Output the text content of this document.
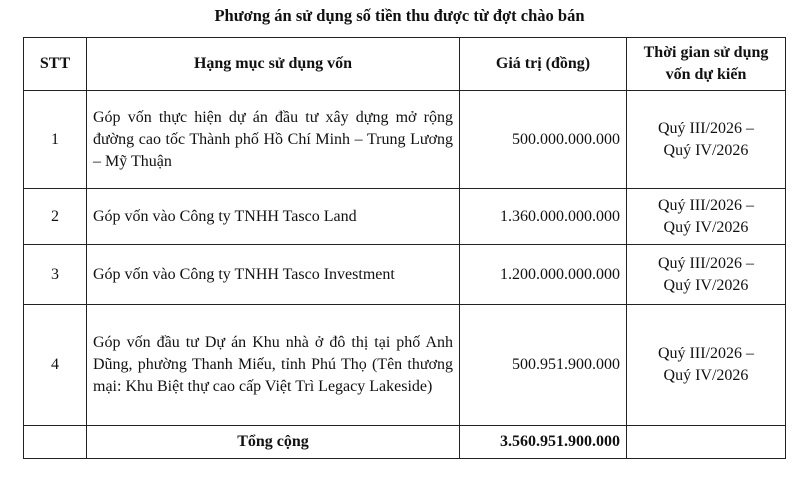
Phương án sử dụng số tiền thu được từ đợt chào bán
STT	Hạng mục sử dụng vốn	Giá trị (đồng)	Thời gian sử dụng
vốn dự kiến

1	Góp vốn thực hiện dự án đầu tư xây dựng mở rộng đường cao tốc Thành phố Hồ Chí Minh – Trung Lương – Mỹ Thuận	500.000.000.000	Quý III/2026 –
Quý IV/2026

2	Góp vốn vào Công ty TNHH Tasco Land	1.360.000.000.000	Quý III/2026 –
Quý IV/2026

3	Góp vốn vào Công ty TNHH Tasco Investment	1.200.000.000.000	Quý III/2026 –
Quý IV/2026

4	Góp vốn đầu tư Dự án Khu nhà ở đô thị tại phố Anh Dũng, phường Thanh Miếu, tỉnh Phú Thọ (Tên thương mại: Khu Biệt thự cao cấp Việt Trì Legacy Lakeside)	500.951.900.000	Quý III/2026 –
Quý IV/2026

	Tổng cộng	3.560.951.900.000	
